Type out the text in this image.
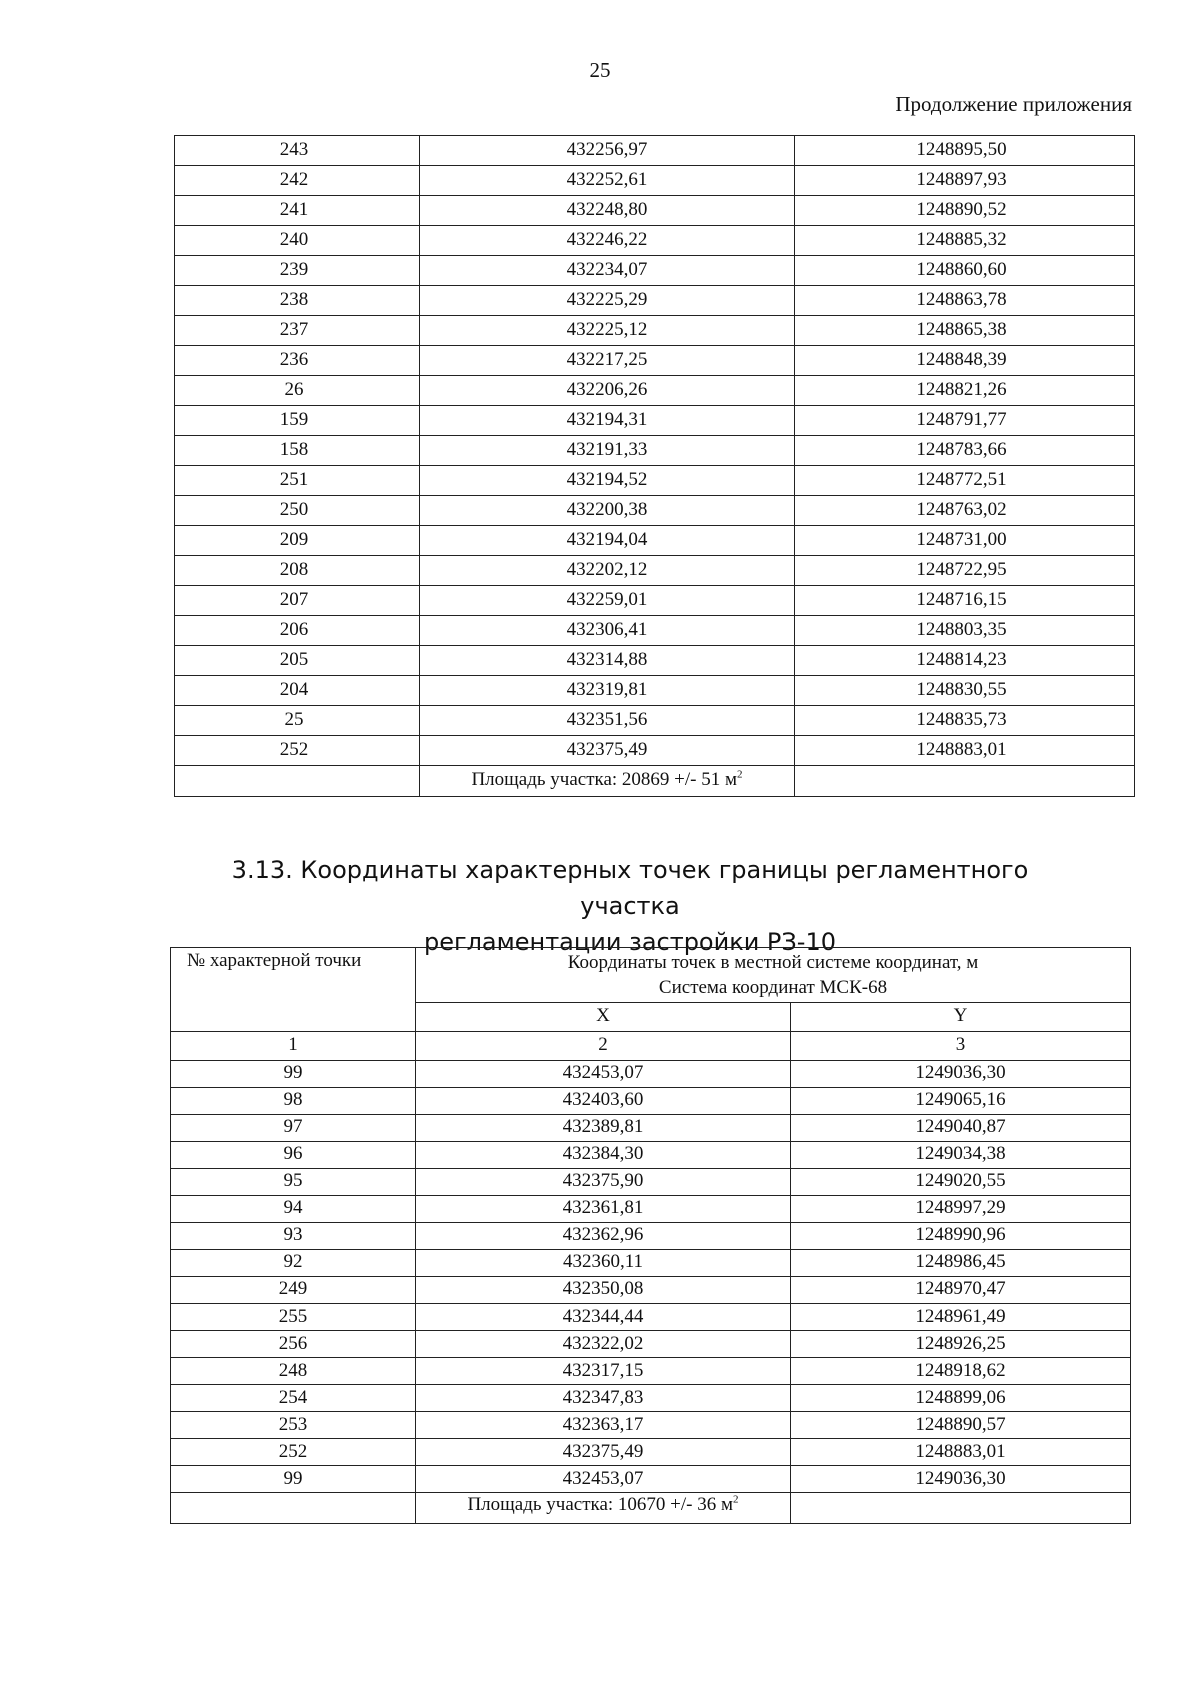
25
Продолжение приложения
243	432256,97	1248895,50
242	432252,61	1248897,93
241	432248,80	1248890,52
240	432246,22	1248885,32
239	432234,07	1248860,60
238	432225,29	1248863,78
237	432225,12	1248865,38
236	432217,25	1248848,39
26	432206,26	1248821,26
159	432194,31	1248791,77
158	432191,33	1248783,66
251	432194,52	1248772,51
250	432200,38	1248763,02
209	432194,04	1248731,00
208	432202,12	1248722,95
207	432259,01	1248716,15
206	432306,41	1248803,35
205	432314,88	1248814,23
204	432319,81	1248830,55
25	432351,56	1248835,73
252	432375,49	1248883,01
	Площадь участка: 20869 +/- 51 $м^2$	
3.13. Координаты характерных точек границы регламентного участка
регламентации застройки РЗ-10
№ характерной точки	Координаты точек в местной системе координат, м
Система координат МСК-68	

	X	Y
1	2	3
99	432453,07	1249036,30
98	432403,60	1249065,16
97	432389,81	1249040,87
96	432384,30	1249034,38
95	432375,90	1249020,55
94	432361,81	1248997,29
93	432362,96	1248990,96
92	432360,11	1248986,45
249	432350,08	1248970,47
255	432344,44	1248961,49
256	432322,02	1248926,25
248	432317,15	1248918,62
254	432347,83	1248899,06
253	432363,17	1248890,57
252	432375,49	1248883,01
99	432453,07	1249036,30
	Площадь участка: 10670 +/- 36 $м^2$	
